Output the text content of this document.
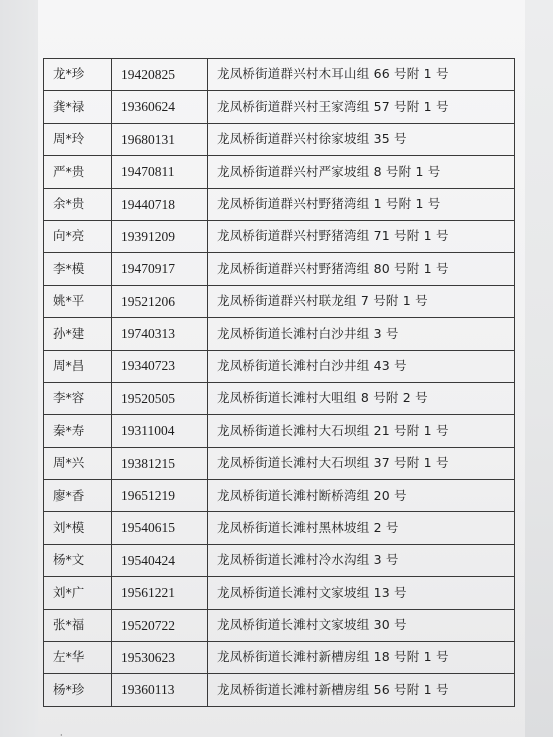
龙*珍	19420825	龙凤桥街道群兴村木耳山组 66 号附 1 号
龚*禄	19360624	龙凤桥街道群兴村王家湾组 57 号附 1 号
周*玲	19680131	龙凤桥街道群兴村徐家坡组 35 号
严*贵	19470811	龙凤桥街道群兴村严家坡组 8 号附 1 号
余*贵	19440718	龙凤桥街道群兴村野猪湾组 1 号附 1 号
向*亮	19391209	龙凤桥街道群兴村野猪湾组 71 号附 1 号
李*模	19470917	龙凤桥街道群兴村野猪湾组 80 号附 1 号
姚*平	19521206	龙凤桥街道群兴村联龙组 7 号附 1 号
孙*建	19740313	龙凤桥街道长滩村白沙井组 3 号
周*昌	19340723	龙凤桥街道长滩村白沙井组 43 号
李*容	19520505	龙凤桥街道长滩村大咀组 8 号附 2 号
秦*寿	19311004	龙凤桥街道长滩村大石坝组 21 号附 1 号
周*兴	19381215	龙凤桥街道长滩村大石坝组 37 号附 1 号
廖*香	19651219	龙凤桥街道长滩村断桥湾组 20 号
刘*模	19540615	龙凤桥街道长滩村黑林坡组 2 号
杨*文	19540424	龙凤桥街道长滩村冷水沟组 3 号
刘*广	19561221	龙凤桥街道长滩村文家坡组 13 号
张*福	19520722	龙凤桥街道长滩村文家坡组 30 号
左*华	19530623	龙凤桥街道长滩村新槽房组 18 号附 1 号
杨*珍	19360113	龙凤桥街道长滩村新槽房组 56 号附 1 号
·
